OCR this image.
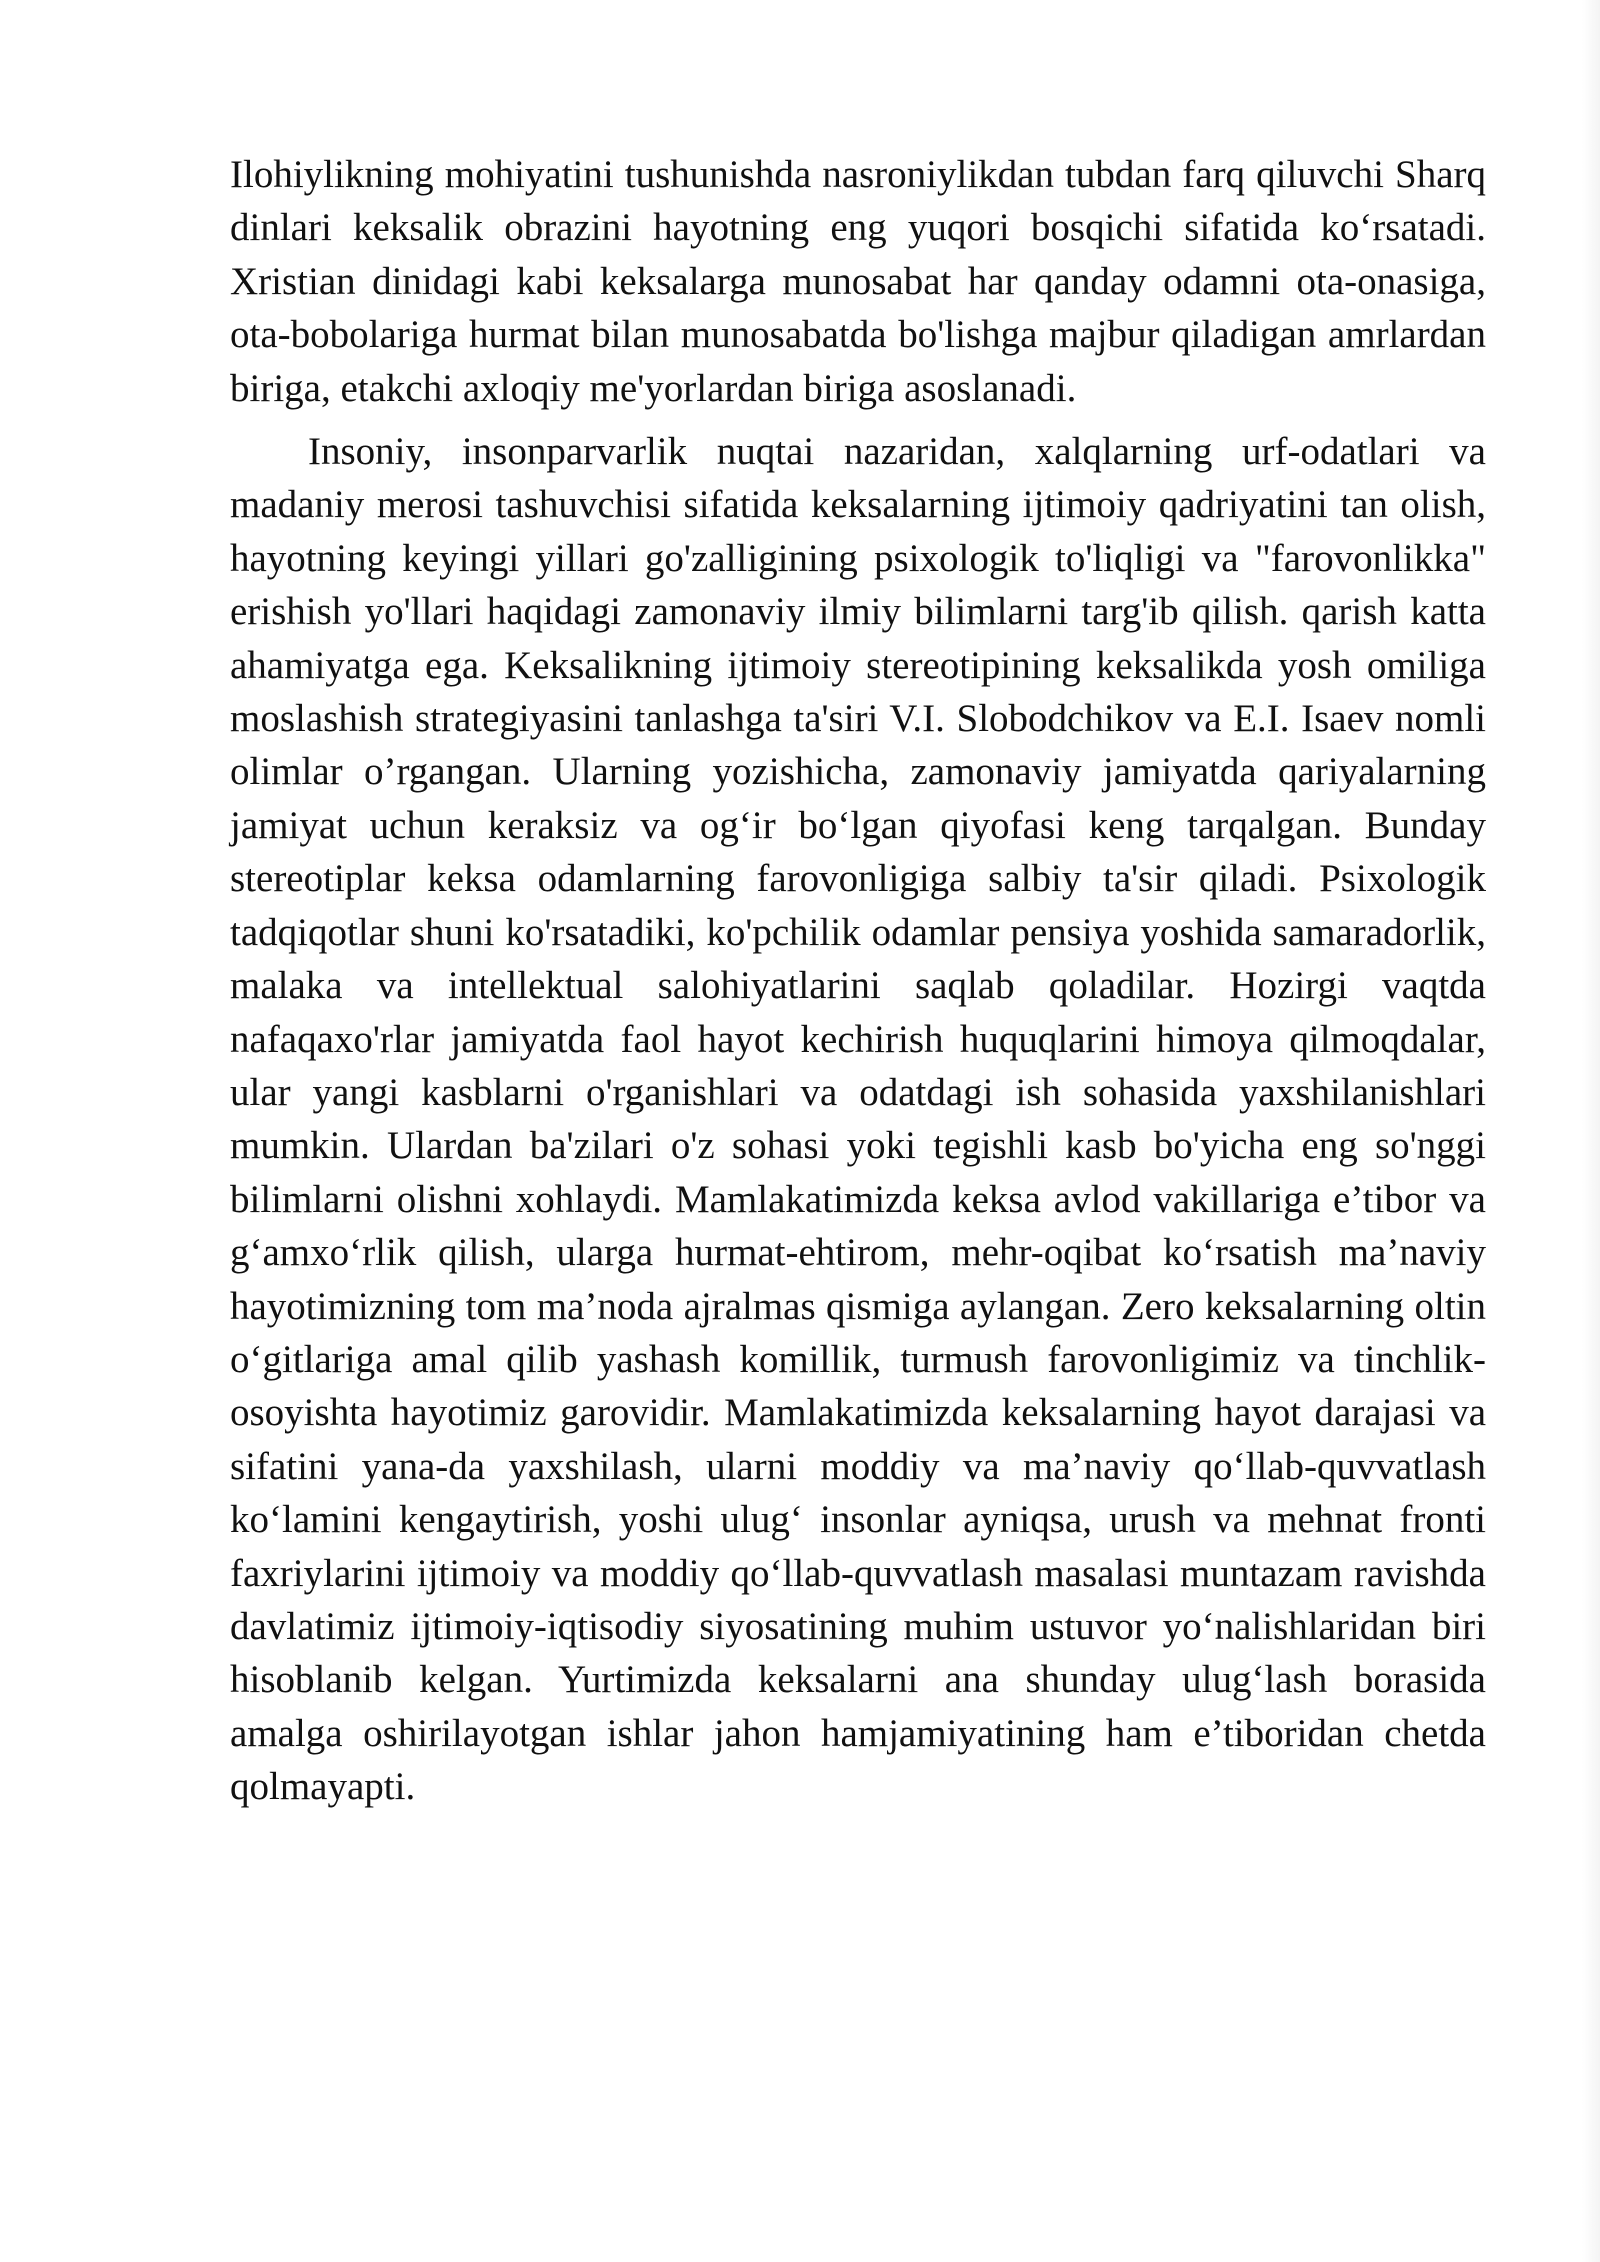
Ilohiylikning mohiyatini tushunishda nasroniylikdan tubdan farq qiluvchi Sharq dinlari keksalik obrazini hayotning eng yuqori bosqichi sifatida ko‘rsatadi. Xristian dinidagi kabi keksalarga munosabat har qanday odamni ota-onasiga, ota-bobolariga hurmat bilan munosabatda bo'lishga majbur qiladigan amrlardan biriga, etakchi axloqiy me'yorlardan biriga asoslanadi.

Insoniy, insonparvarlik nuqtai nazaridan, xalqlarning urf-odatlari va madaniy merosi tashuvchisi sifatida keksalarning ijtimoiy qadriyatini tan olish, hayotning keyingi yillari go'zalligining psixologik to'liqligi va "farovonlikka" erishish yo'llari haqidagi zamonaviy ilmiy bilimlarni targ'ib qilish. qarish katta ahamiyatga ega. Keksalikning ijtimoiy stereotipining keksalikda yosh omiliga moslashish strategiyasini tanlashga ta'siri V.I. Slobodchikov va E.I. Isaev nomli olimlar o’rgangan. Ularning yozishicha, zamonaviy jamiyatda qariyalarning jamiyat uchun keraksiz va og‘ir bo‘lgan qiyofasi keng tarqalgan. Bunday stereotiplar keksa odamlarning farovonligiga salbiy ta'sir qiladi. Psixologik tadqiqotlar shuni ko'rsatadiki, ko'pchilik odamlar pensiya yoshida samaradorlik, malaka va intellektual salohiyatlarini saqlab qoladilar. Hozirgi vaqtda nafaqaxo'rlar jamiyatda faol hayot kechirish huquqlarini himoya qilmoqdalar, ular yangi kasblarni o'rganishlari va odatdagi ish sohasida yaxshilanishlari mumkin. Ulardan ba'zilari o'z sohasi yoki tegishli kasb bo'yicha eng so'nggi bilimlarni olishni xohlaydi. Mamlakatimizda keksa avlod vakillariga e’tibor va g‘amxo‘rlik qilish, ularga hurmat-ehtirom, mehr-oqibat ko‘rsatish ma’naviy hayotimizning tom ma’noda ajralmas qismiga aylangan. Zero keksalarning oltin o‘gitlariga amal qilib yashash komillik, turmush farovonligimiz va tinchlik-osoyishta hayotimiz garovidir. Mamlakatimizda keksalarning hayot darajasi va sifatini yana-da yaxshilash, ularni moddiy va ma’naviy qo‘llab-quvvatlash ko‘lamini kengaytirish, yoshi ulug‘ insonlar ayniqsa, urush va mehnat fronti faxriylarini ijtimoiy va moddiy qo‘llab-quvvatlash masalasi muntazam ravishda davlatimiz ijtimoiy-iqtisodiy siyosatining muhim ustuvor yo‘nalishlaridan biri hisoblanib kelgan. Yurtimizda keksalarni ana shunday ulug‘lash borasida amalga oshirilayotgan ishlar jahon hamjamiyatining ham e’tiboridan chetda qolmayapti.
